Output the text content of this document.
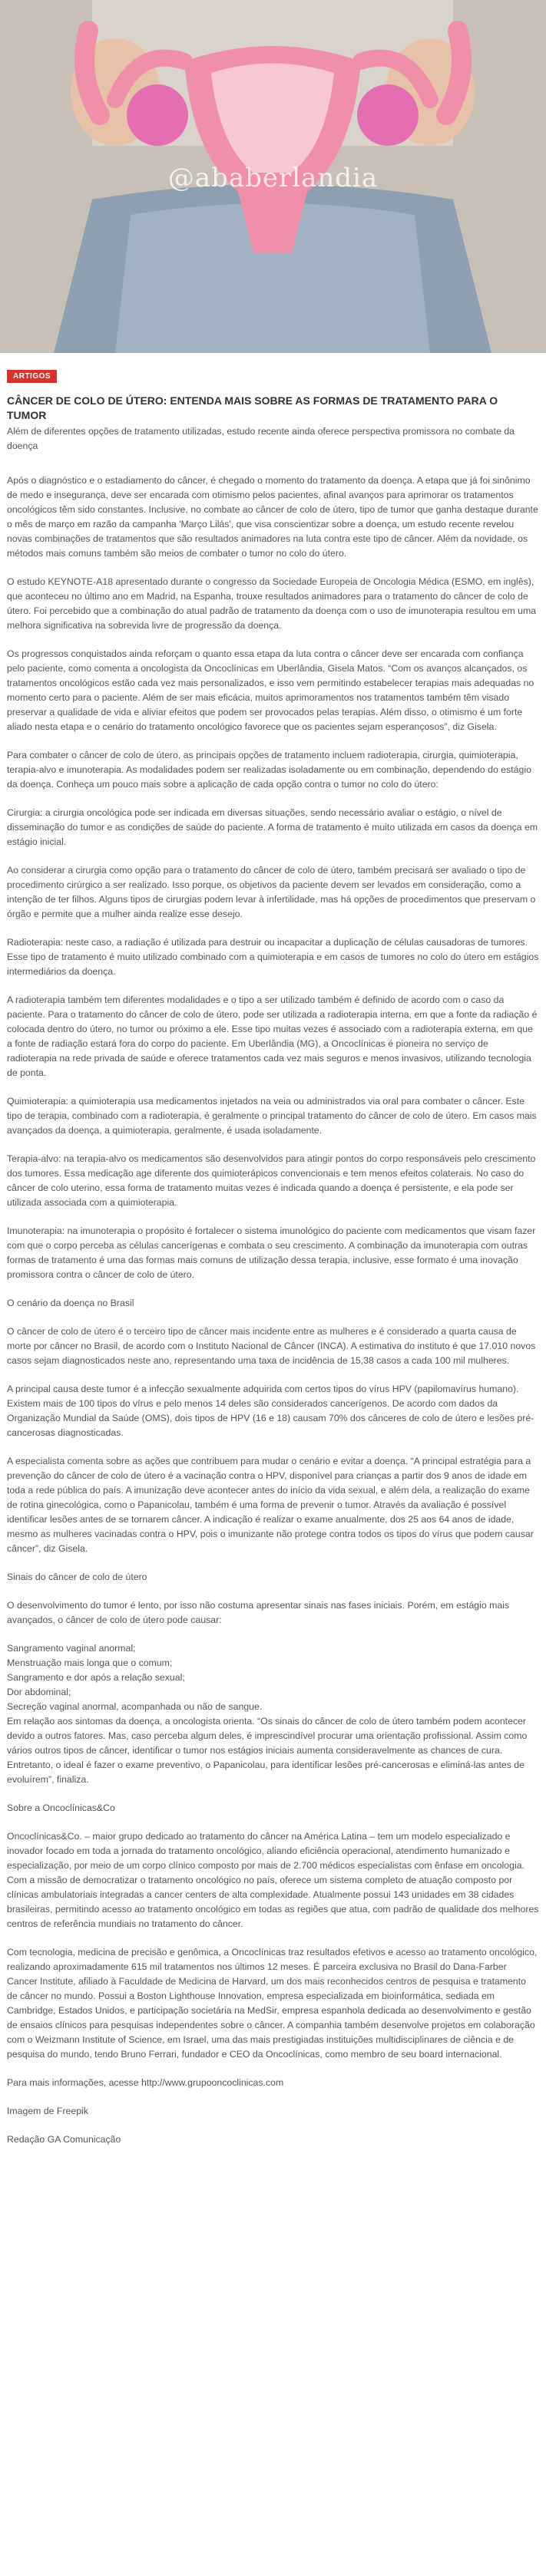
@ababerlandia
ARTIGOS
CÂNCER DE COLO DE ÚTERO: ENTENDA MAIS SOBRE AS FORMAS DE TRATAMENTO PARA O TUMOR

Além de diferentes opções de tratamento utilizadas, estudo recente ainda oferece perspectiva promissora no combate da doença

Após o diagnóstico e o estadiamento do câncer, é chegado o momento do tratamento da doença. A etapa que já foi sinônimo de medo e insegurança, deve ser encarada com otimismo pelos pacientes, afinal avanços para aprimorar os tratamentos oncológicos têm sido constantes. Inclusive, no combate ao câncer de colo de útero, tipo de tumor que ganha destaque durante o mês de março em razão da campanha 'Março Lilás', que visa conscientizar sobre a doença, um estudo recente revelou novas combinações de tratamentos que são resultados animadores na luta contra este tipo de câncer. Além da novidade, os métodos mais comuns também são meios de combater o tumor no colo do útero.

O estudo KEYNOTE-A18 apresentado durante o congresso da Sociedade Europeia de Oncologia Médica (ESMO, em inglês), que aconteceu no último ano em Madrid, na Espanha, trouxe resultados animadores para o tratamento do câncer de colo de útero. Foi percebido que a combinação do atual padrão de tratamento da doença com o uso de imunoterapia resultou em uma melhora significativa na sobrevida livre de progressão da doença.

Os progressos conquistados ainda reforçam o quanto essa etapa da luta contra o câncer deve ser encarada com confiança pelo paciente, como comenta a oncologista da Oncoclínicas em Uberlândia, Gisela Matos. “Com os avanços alcançados, os tratamentos oncológicos estão cada vez mais personalizados, e isso vem permitindo estabelecer terapias mais adequadas no momento certo para o paciente. Além de ser mais eficácia, muitos aprimoramentos nos tratamentos também têm visado preservar a qualidade de vida e aliviar efeitos que podem ser provocados pelas terapias. Além disso, o otimismo é um forte aliado nesta etapa e o cenário do tratamento oncológico favorece que os pacientes sejam esperançosos”, diz Gisela.

Para combater o câncer de colo de útero, as principais opções de tratamento incluem radioterapia, cirurgia, quimioterapia, terapia-alvo e imunoterapia. As modalidades podem ser realizadas isoladamente ou em combinação, dependendo do estágio da doença. Conheça um pouco mais sobre a aplicação de cada opção contra o tumor no colo do útero:

Cirurgia: a cirurgia oncológica pode ser indicada em diversas situações, sendo necessário avaliar o estágio, o nível de disseminação do tumor e as condições de saúde do paciente. A forma de tratamento é muito utilizada em casos da doença em estágio inicial.

Ao considerar a cirurgia como opção para o tratamento do câncer de colo de útero, também precisará ser avaliado o tipo de procedimento cirúrgico a ser realizado. Isso porque, os objetivos da paciente devem ser levados em consideração, como a intenção de ter filhos. Alguns tipos de cirurgias podem levar à infertilidade, mas há opções de procedimentos que preservam o órgão e permite que a mulher ainda realize esse desejo.

Radioterapia: neste caso, a radiação é utilizada para destruir ou incapacitar a duplicação de células causadoras de tumores. Esse tipo de tratamento é muito utilizado combinado com a quimioterapia e em casos de tumores no colo do útero em estágios intermediários da doença.

A radioterapia também tem diferentes modalidades e o tipo a ser utilizado também é definido de acordo com o caso da paciente. Para o tratamento do câncer de colo de útero, pode ser utilizada a radioterapia interna, em que a fonte da radiação é colocada dentro do útero, no tumor ou próximo a ele. Esse tipo muitas vezes é associado com a radioterapia externa, em que a fonte de radiação estará fora do corpo do paciente. Em Uberlândia (MG), a Oncoclínicas é pioneira no serviço de radioterapia na rede privada de saúde e oferece tratamentos cada vez mais seguros e menos invasivos, utilizando tecnologia de ponta.

Quimioterapia: a quimioterapia usa medicamentos injetados na veia ou administrados via oral para combater o câncer. Este tipo de terapia, combinado com a radioterapia, é geralmente o principal tratamento do câncer de colo de útero. Em casos mais avançados da doença, a quimioterapia, geralmente, é usada isoladamente.

Terapia-alvo: na terapia-alvo os medicamentos são desenvolvidos para atingir pontos do corpo responsáveis pelo crescimento dos tumores. Essa medicação age diferente dos quimioterápicos convencionais e tem menos efeitos colaterais. No caso do câncer de colo uterino, essa forma de tratamento muitas vezes é indicada quando a doença é persistente, e ela pode ser utilizada associada com a quimioterapia.

Imunoterapia: na imunoterapia o propósito é fortalecer o sistema imunológico do paciente com medicamentos que visam fazer com que o corpo perceba as células cancerígenas e combata o seu crescimento. A combinação da imunoterapia com outras formas de tratamento é uma das formas mais comuns de utilização dessa terapia, inclusive, esse formato é uma inovação promissora contra o câncer de colo de útero.

O cenário da doença no Brasil

O câncer de colo de útero é o terceiro tipo de câncer mais incidente entre as mulheres e é considerado a quarta causa de morte por câncer no Brasil, de acordo com o Instituto Nacional de Câncer (INCA). A estimativa do instituto é que 17.010 novos casos sejam diagnosticados neste ano, representando uma taxa de incidência de 15,38 casos a cada 100 mil mulheres.

A principal causa deste tumor é a infecção sexualmente adquirida com certos tipos do vírus HPV (papilomavírus humano). Existem mais de 100 tipos do vírus e pelo menos 14 deles são considerados cancerígenos. De acordo com dados da Organização Mundial da Saúde (OMS), dois tipos de HPV (16 e 18) causam 70% dos cânceres de colo de útero e lesões pré-cancerosas diagnosticadas.

A especialista comenta sobre as ações que contribuem para mudar o cenário e evitar a doença. “A principal estratégia para a prevenção do câncer de colo de útero é a vacinação contra o HPV, disponível para crianças a partir dos 9 anos de idade em toda a rede pública do país. A imunização deve acontecer antes do início da vida sexual, e além dela, a realização do exame de rotina ginecológica, como o Papanicolau, também é uma forma de prevenir o tumor. Através da avaliação é possível identificar lesões antes de se tornarem câncer. A indicação é realizar o exame anualmente, dos 25 aos 64 anos de idade, mesmo as mulheres vacinadas contra o HPV, pois o imunizante não protege contra todos os tipos do vírus que podem causar câncer”, diz Gisela.

Sinais do câncer de colo de útero

O desenvolvimento do tumor é lento, por isso não costuma apresentar sinais nas fases iniciais. Porém, em estágio mais avançados, o câncer de colo de útero pode causar:

Sangramento vaginal anormal;
Menstruação mais longa que o comum;
Sangramento e dor após a relação sexual;
Dor abdominal;
Secreção vaginal anormal, acompanhada ou não de sangue.

Em relação aos sintomas da doença, a oncologista orienta. “Os sinais do câncer de colo de útero também podem acontecer devido a outros fatores. Mas, caso perceba algum deles, é imprescindível procurar uma orientação profissional. Assim como vários outros tipos de câncer, identificar o tumor nos estágios iniciais aumenta consideravelmente as chances de cura. Entretanto, o ideal é fazer o exame preventivo, o Papanicolau, para identificar lesões pré-cancerosas e eliminá-las antes de evoluírem”, finaliza.

Sobre a Oncoclínicas&Co

Oncoclínicas&Co. – maior grupo dedicado ao tratamento do câncer na América Latina – tem um modelo especializado e inovador focado em toda a jornada do tratamento oncológico, aliando eficiência operacional, atendimento humanizado e especialização, por meio de um corpo clínico composto por mais de 2.700 médicos especialistas com ênfase em oncologia. Com a missão de democratizar o tratamento oncológico no país, oferece um sistema completo de atuação composto por clínicas ambulatoriais integradas a cancer centers de alta complexidade. Atualmente possui 143 unidades em 38 cidades brasileiras, permitindo acesso ao tratamento oncológico em todas as regiões que atua, com padrão de qualidade dos melhores centros de referência mundiais no tratamento do câncer.

Com tecnologia, medicina de precisão e genômica, a Oncoclínicas traz resultados efetivos e acesso ao tratamento oncológico, realizando aproximadamente 615 mil tratamentos nos últimos 12 meses. É parceira exclusiva no Brasil do Dana-Farber Cancer Institute, afiliado à Faculdade de Medicina de Harvard, um dos mais reconhecidos centros de pesquisa e tratamento de câncer no mundo. Possui a Boston Lighthouse Innovation, empresa especializada em bioinformática, sediada em Cambridge, Estados Unidos, e participação societária na MedSir, empresa espanhola dedicada ao desenvolvimento e gestão de ensaios clínicos para pesquisas independentes sobre o câncer. A companhia também desenvolve projetos em colaboração com o Weizmann Institute of Science, em Israel, uma das mais prestigiadas instituições multidisciplinares de ciência e de pesquisa do mundo, tendo Bruno Ferrari, fundador e CEO da Oncoclínicas, como membro de seu board internacional.

Para mais informações, acesse http://www.grupooncoclinicas.com

Imagem de Freepik

Redação GA Comunicação
